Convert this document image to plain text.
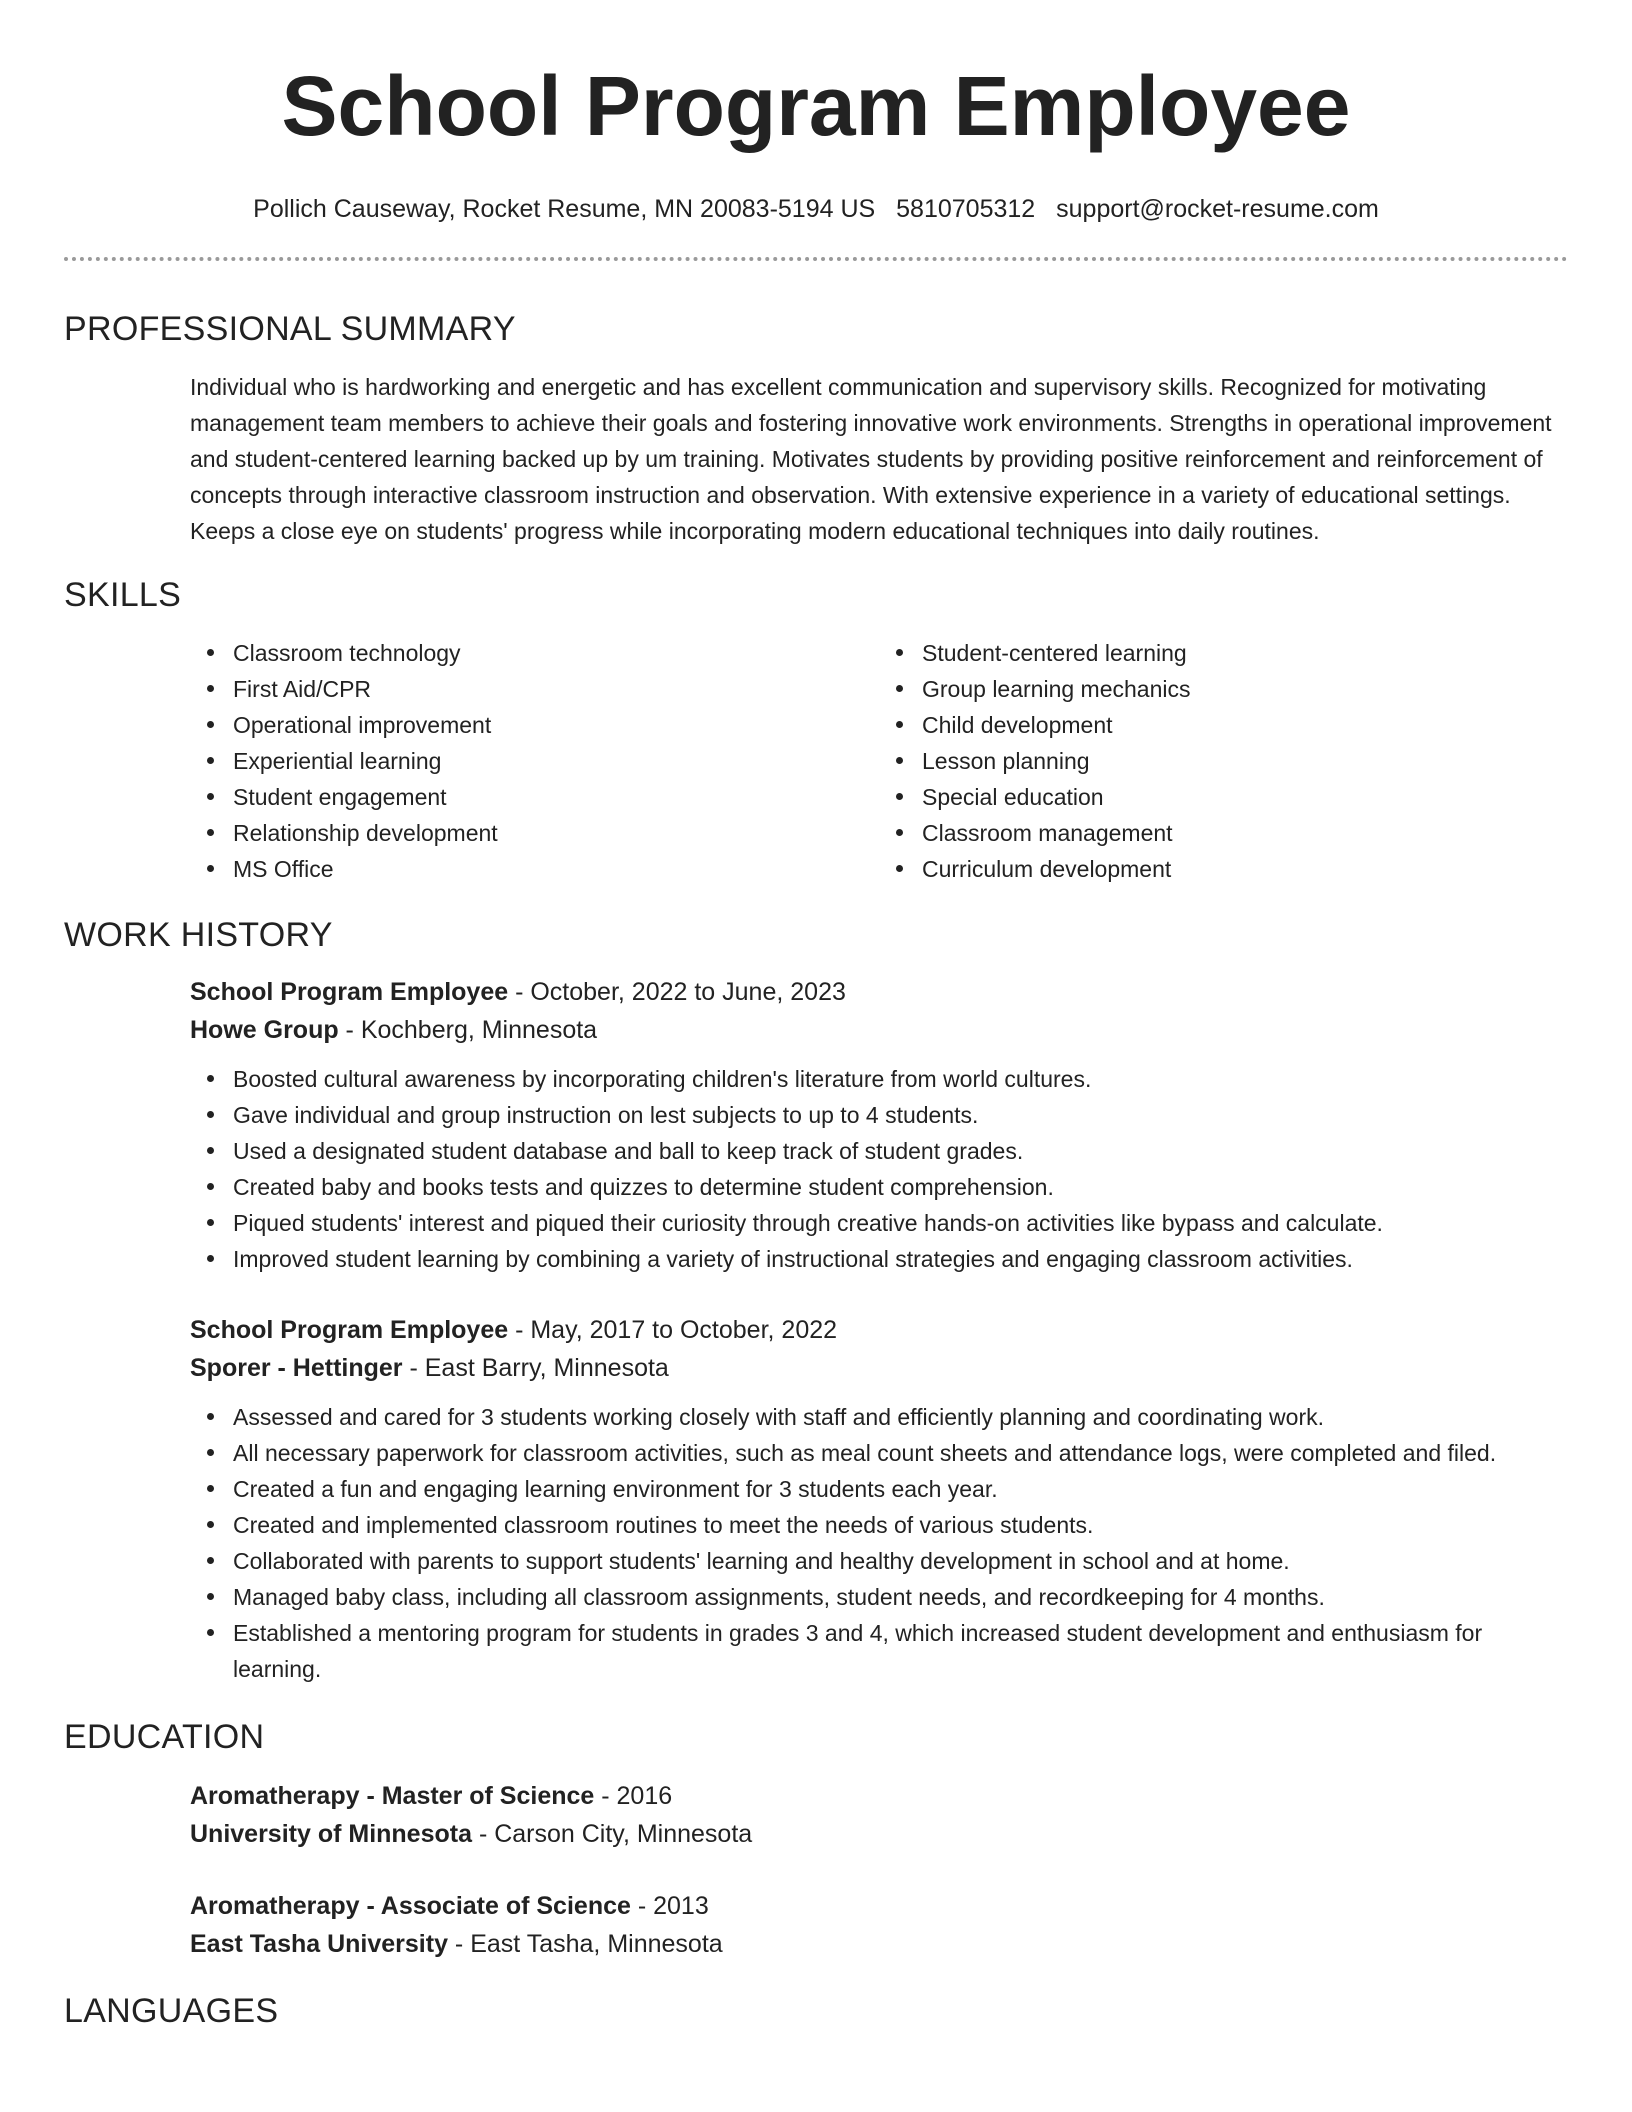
School Program Employee
Pollich Causeway, Rocket Resume, MN 20083-5194 US 5810705312 support@rocket-resume.com
PROFESSIONAL SUMMARY

Individual who is hardworking and energetic and has excellent communication and supervisory skills. Recognized for motivating management team members to achieve their goals and fostering innovative work environments. Strengths in operational improvement and student-centered learning backed up by um training. Motivates students by providing positive reinforcement and reinforcement of concepts through interactive classroom instruction and observation. With extensive experience in a variety of educational settings. Keeps a close eye on students' progress while incorporating modern educational techniques into daily routines.

SKILLS
Classroom technology
First Aid/CPR
Operational improvement
Experiential learning
Student engagement
Relationship development
MS Office
Student-centered learning
Group learning mechanics
Child development
Lesson planning
Special education
Classroom management
Curriculum development
WORK HISTORY
School Program Employee - October, 2022 to June, 2023
Howe Group - Kochberg, Minnesota
Boosted cultural awareness by incorporating children's literature from world cultures.
Gave individual and group instruction on lest subjects to up to 4 students.
Used a designated student database and ball to keep track of student grades.
Created baby and books tests and quizzes to determine student comprehension.
Piqued students' interest and piqued their curiosity through creative hands-on activities like bypass and calculate.
Improved student learning by combining a variety of instructional strategies and engaging classroom activities.
School Program Employee - May, 2017 to October, 2022
Sporer - Hettinger - East Barry, Minnesota
Assessed and cared for 3 students working closely with staff and efficiently planning and coordinating work.
All necessary paperwork for classroom activities, such as meal count sheets and attendance logs, were completed and filed.
Created a fun and engaging learning environment for 3 students each year.
Created and implemented classroom routines to meet the needs of various students.
Collaborated with parents to support students' learning and healthy development in school and at home.
Managed baby class, including all classroom assignments, student needs, and recordkeeping for 4 months.
Established a mentoring program for students in grades 3 and 4, which increased student development and enthusiasm for learning.
EDUCATION
Aromatherapy - Master of Science - 2016
University of Minnesota - Carson City, Minnesota
Aromatherapy - Associate of Science - 2013
East Tasha University - East Tasha, Minnesota
LANGUAGES
